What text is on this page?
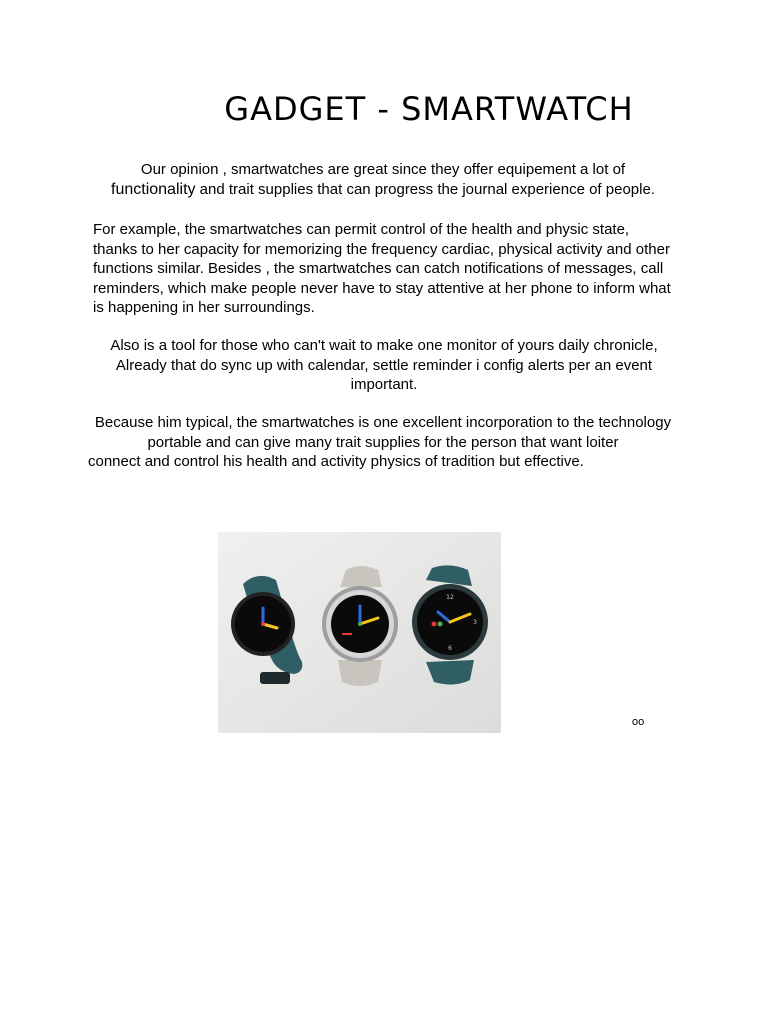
GADGET - SMARTWATCH

Our opinion , smartwatches are great since they offer equipement a lot of
functionality and trait supplies that can progress the journal experience of people.

For example, the smartwatches can permit control of the health and physic state, thanks to her capacity for memorizing the frequency cardiac, physical activity and other functions similar. Besides , the smartwatches can catch notifications of messages, call reminders, which make people never have to stay attentive at her phone to inform what is happening in her surroundings.

Also is a tool for those who can't wait to make one monitor of yours daily chronicle, Already that do sync up with calendar, settle reminder i config alerts per an event important.

Because him typical, the smartwatches is one excellent incorporation to the technology portable and can give many trait supplies for the person that want loiter
connect and control his health and activity physics of tradition but effective.

12
3
6
oo
